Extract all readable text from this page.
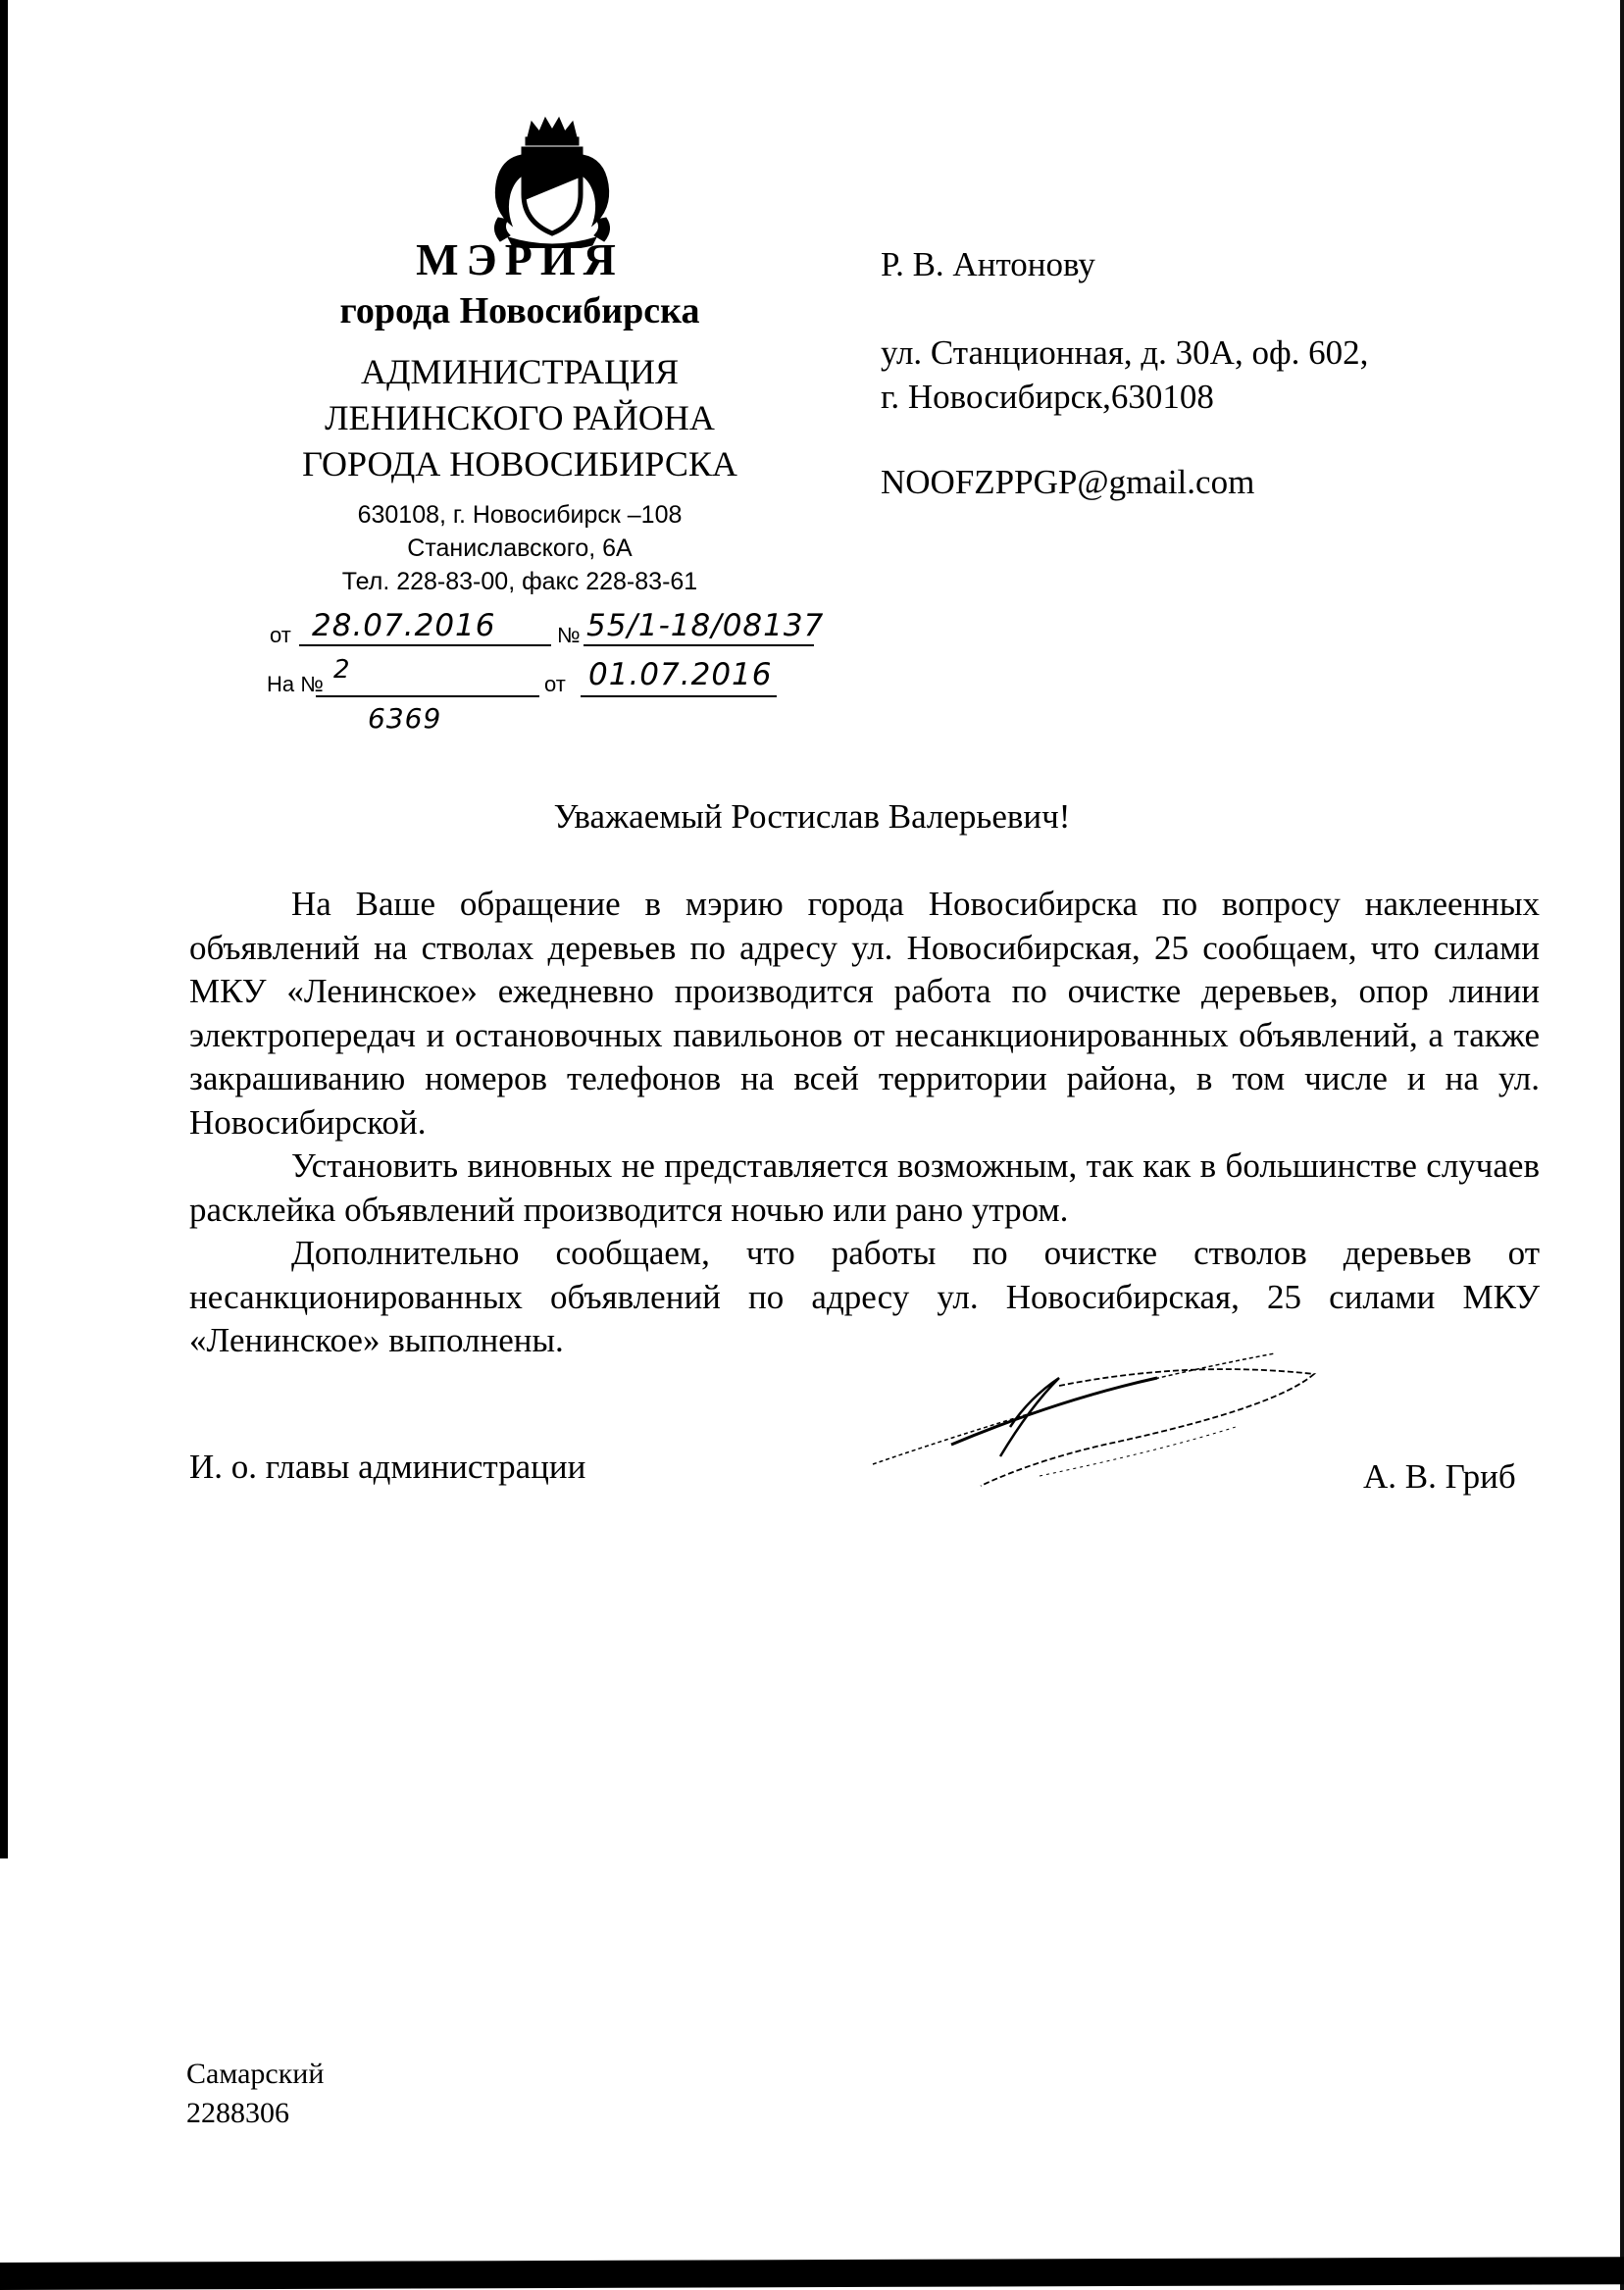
МЭРИЯ
города Новосибирска
АДМИНИСТРАЦИЯ
ЛЕНИНСКОГО РАЙОНА
ГОРОДА НОВОСИБИРСКА
630108, г. Новосибирск –108
Станиславского, 6А
Тел. 228-83-00, факс 228-83-61
от 28.07.2016	№ 55/1-18/08137
На № 2
6369
от 01.07.2016
Р. В. Антонову
ул. Станционная, д. 30А, оф. 602,
г. Новосибирск,630108
NOOFZPPGP@gmail.com
Уважаемый Ростислав Валерьевич!

На Ваше обращение в мэрию города Новосибирска по вопросу наклеенных объявлений на стволах деревьев по адресу ул. Новосибирская, 25 сообщаем, что силами МКУ «Ленинское» ежедневно производится работа по очистке деревьев, опор линии электропередач и остановочных павильонов от несанкционированных объявлений, а также закрашиванию номеров телефонов на всей территории района, в том числе и на ул. Новосибирской.

Установить виновных не представляется возможным, так как в большинстве случаев расклейка объявлений производится ночью или рано утром.

Дополнительно сообщаем, что работы по очистке стволов деревьев от несанкционированных объявлений по адресу ул. Новосибирская, 25 силами МКУ «Ленинское» выполнены.

И. о. главы администрации	А. В. Гриб
Самарский
2288306
